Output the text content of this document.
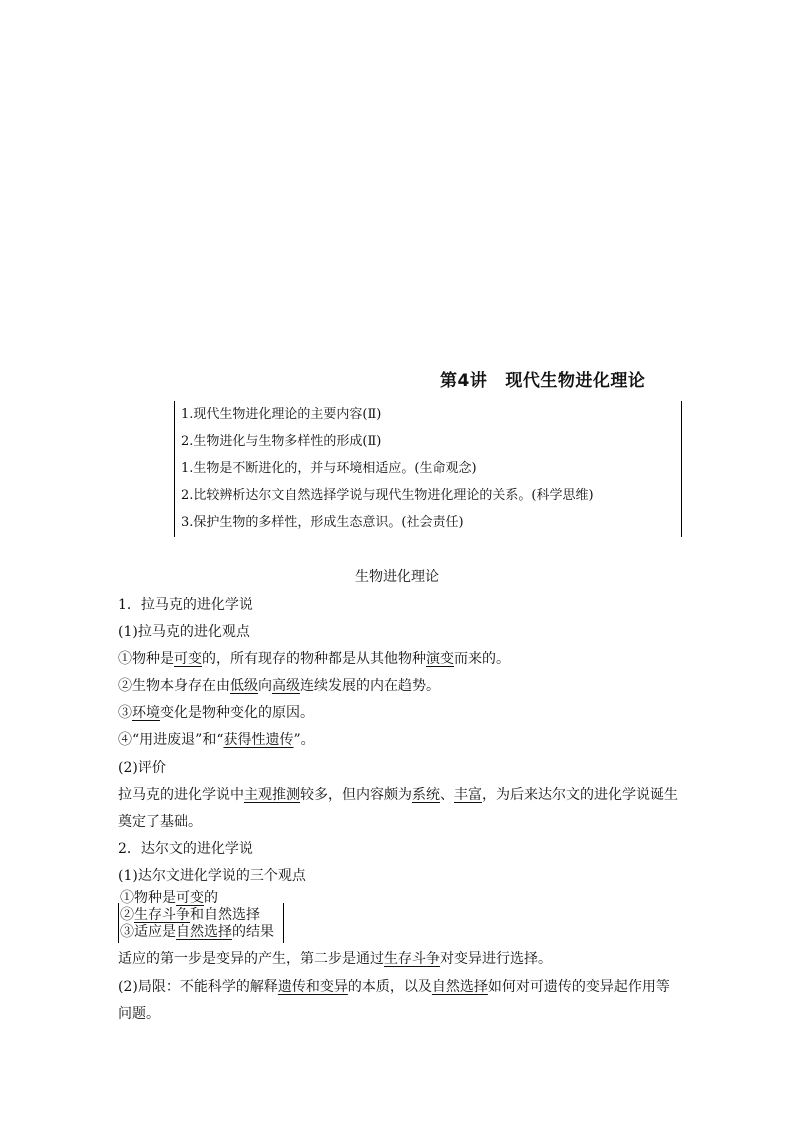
第4讲 现代生物进化理论
1.现代生物进化理论的主要内容(Ⅱ)
2.生物进化与生物多样性的形成(Ⅱ)
1.生物是不断进化的，并与环境相适应。(生命观念)
2.比较辨析达尔文自然选择学说与现代生物进化理论的关系。(科学思维)
3.保护生物的多样性，形成生态意识。(社会责任)
生物进化理论
1．拉马克的进化学说
(1)拉马克的进化观点
①物种是可变的，所有现存的物种都是从其他物种演变而来的。
②生物本身存在由低级向高级连续发展的内在趋势。
③环境变化是物种变化的原因。
④“用进废退”和“获得性遗传”。
(2)评价
拉马克的进化学说中主观推测较多，但内容颇为系统、丰富，为后来达尔文的进化学说诞生
奠定了基础。
2．达尔文的进化学说
(1)达尔文进化学说的三个观点
①物种是可变的
②生存斗争和自然选择
③适应是自然选择的结果
适应的第一步是变异的产生，第二步是通过生存斗争对变异进行选择。
(2)局限：不能科学的解释遗传和变异的本质，以及自然选择如何对可遗传的变异起作用等
问题。
